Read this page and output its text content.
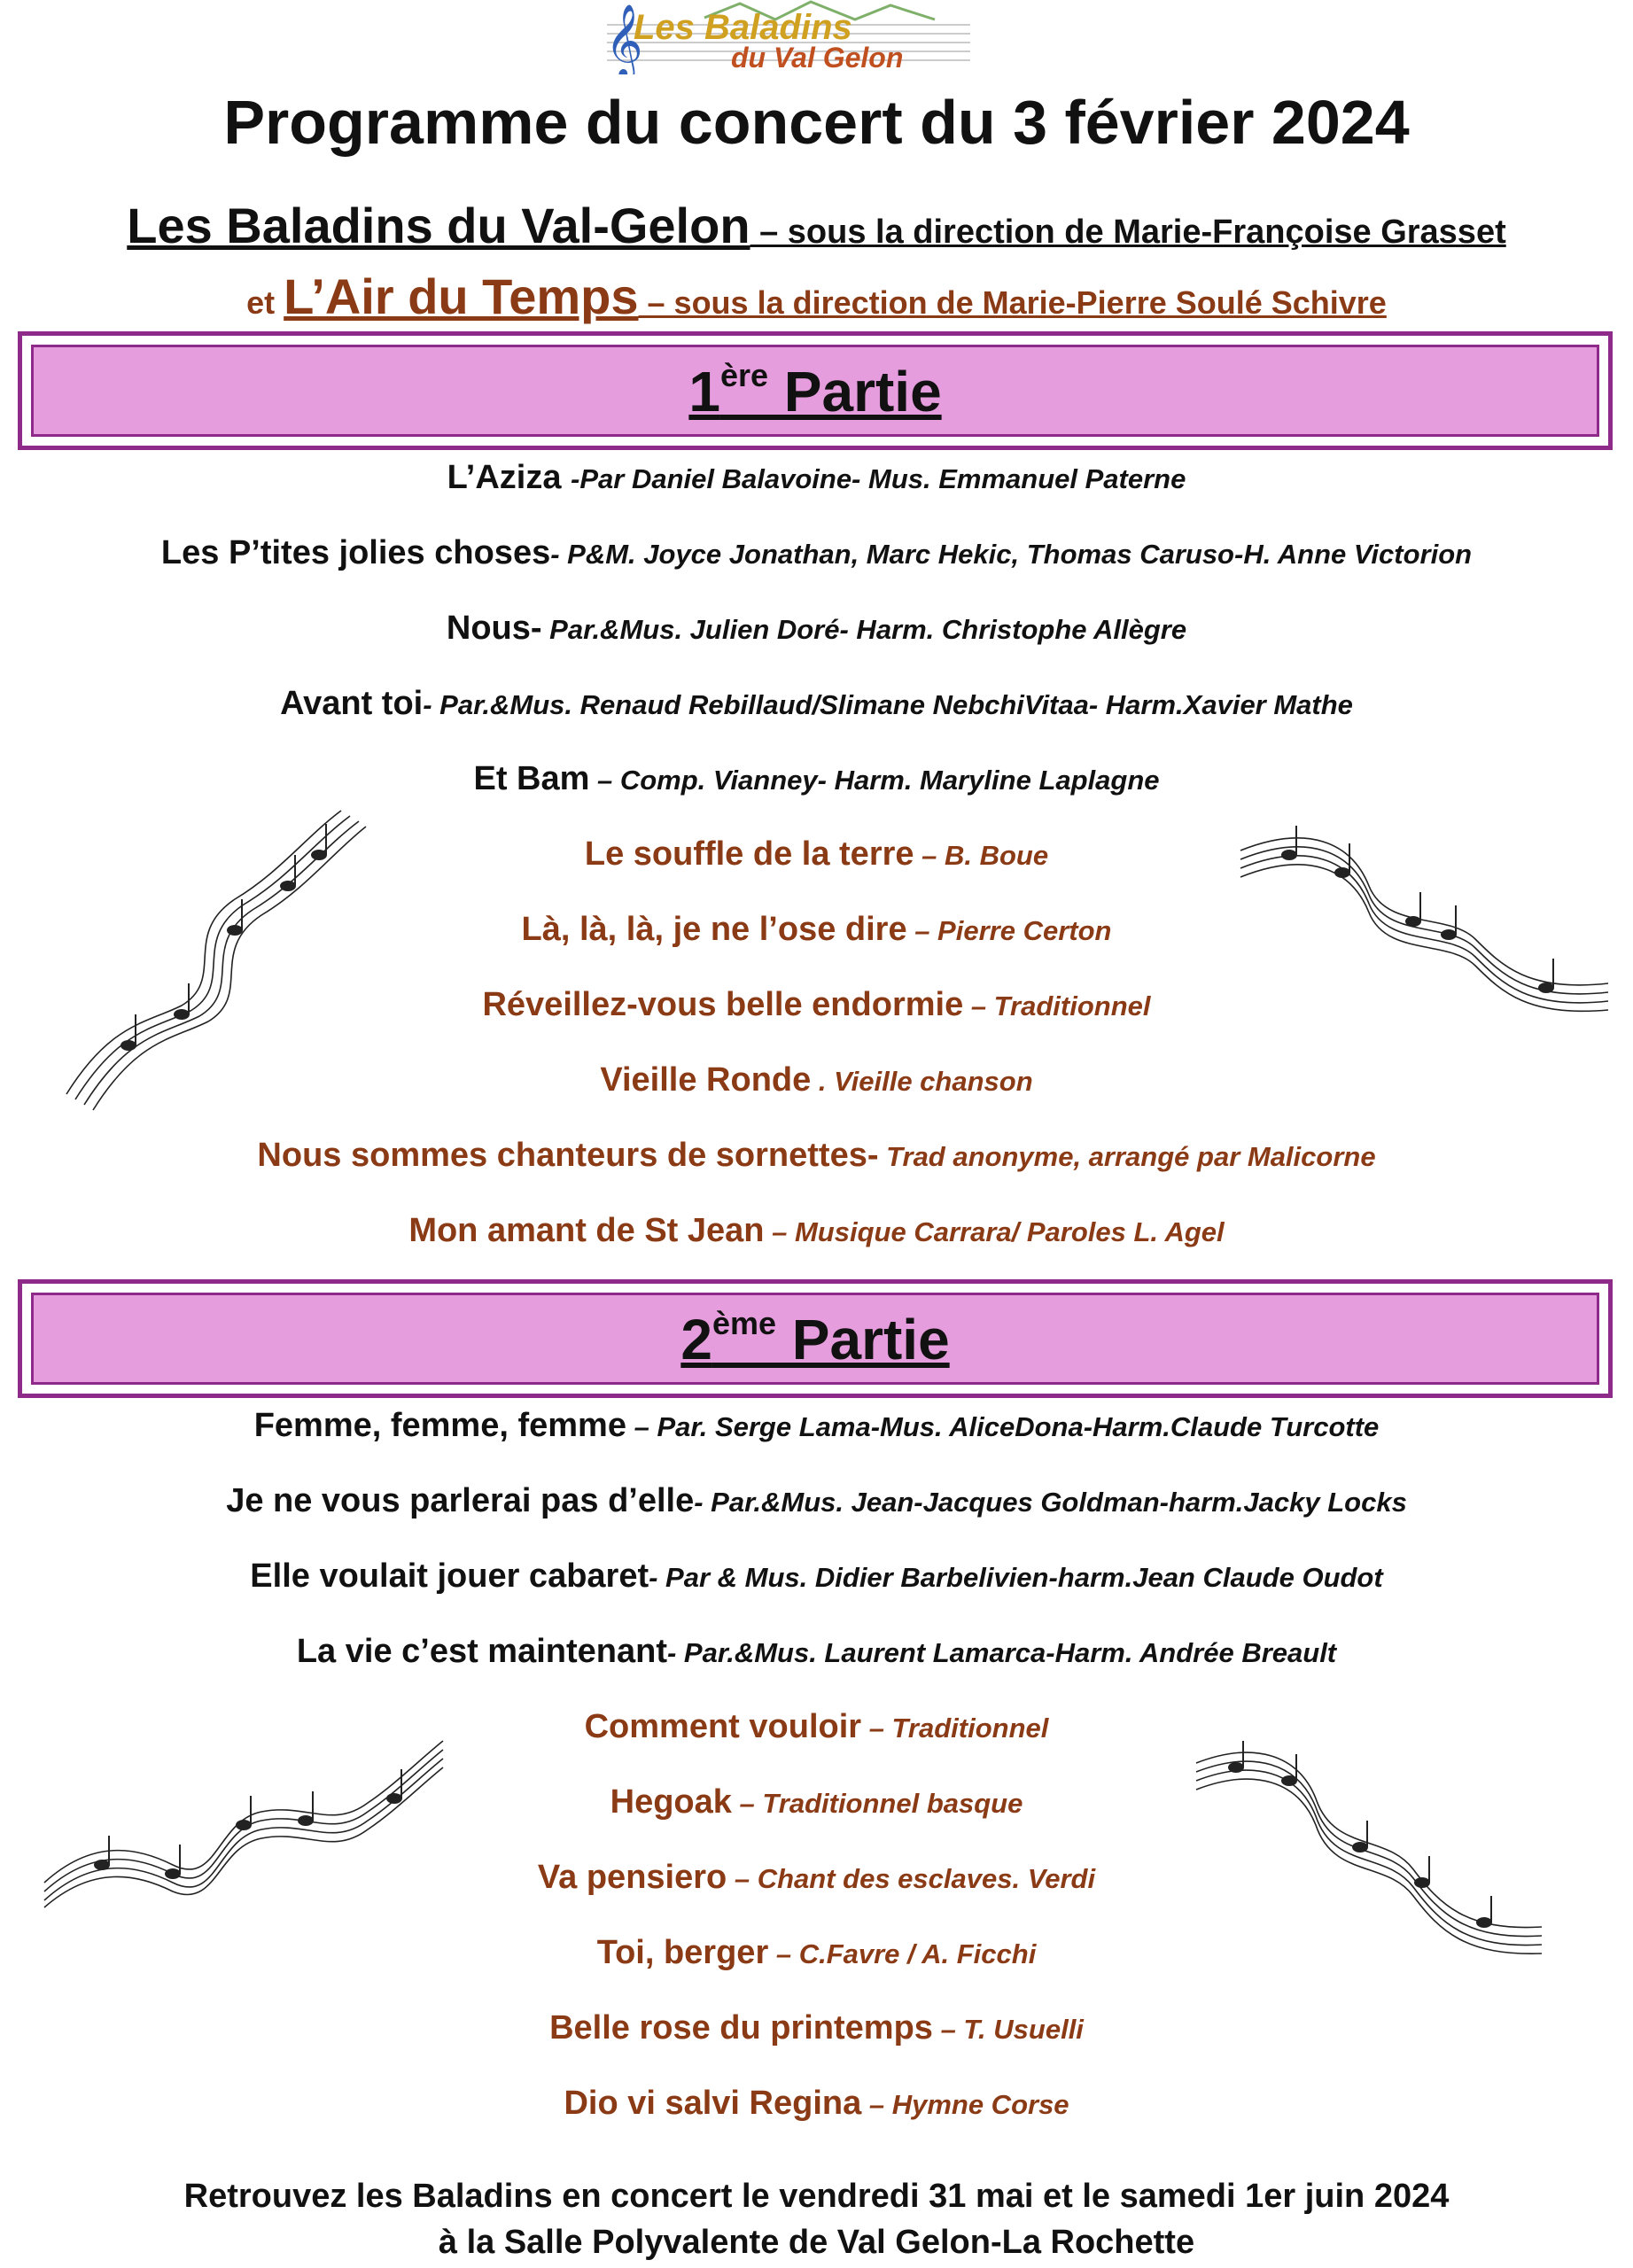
𝄞
Les Baladins
du Val Gelon
Programme du concert du 3 février 2024
Les Baladins du Val-Gelon – sous la direction de Marie-Françoise Grasset
et L’Air du Temps – sous la direction de Marie-Pierre Soulé Schivre
1ère Partie
L’Aziza -Par Daniel Balavoine- Mus. Emmanuel Paterne
Les P’tites jolies choses- P&M. Joyce Jonathan, Marc Hekic, Thomas Caruso-H. Anne Victorion
Nous- Par.&Mus. Julien Doré- Harm. Christophe Allègre
Avant toi- Par.&Mus. Renaud Rebillaud/Slimane NebchiVitaa- Harm.Xavier Mathe
Et Bam – Comp. Vianney- Harm. Maryline Laplagne
Le souffle de la terre – B. Boue
Là, là, là, je ne l’ose dire – Pierre Certon
Réveillez-vous belle endormie – Traditionnel
Vieille Ronde . Vieille chanson
Nous sommes chanteurs de sornettes- Trad anonyme, arrangé par Malicorne
Mon amant de St Jean – Musique Carrara/ Paroles L. Agel
2ème Partie
Femme, femme, femme – Par. Serge Lama-Mus. AliceDona-Harm.Claude Turcotte
Je ne vous parlerai pas d’elle- Par.&Mus. Jean-Jacques Goldman-harm.Jacky Locks
Elle voulait jouer cabaret- Par & Mus. Didier Barbelivien-harm.Jean Claude Oudot
La vie c’est maintenant- Par.&Mus. Laurent Lamarca-Harm. Andrée Breault
Comment vouloir – Traditionnel
Hegoak – Traditionnel basque
Va pensiero – Chant des esclaves. Verdi
Toi, berger – C.Favre / A. Ficchi
Belle rose du printemps – T. Usuelli
Dio vi salvi Regina – Hymne Corse
Retrouvez les Baladins en concert le vendredi 31 mai et le samedi 1er juin 2024
à la Salle Polyvalente de Val Gelon-La Rochette
